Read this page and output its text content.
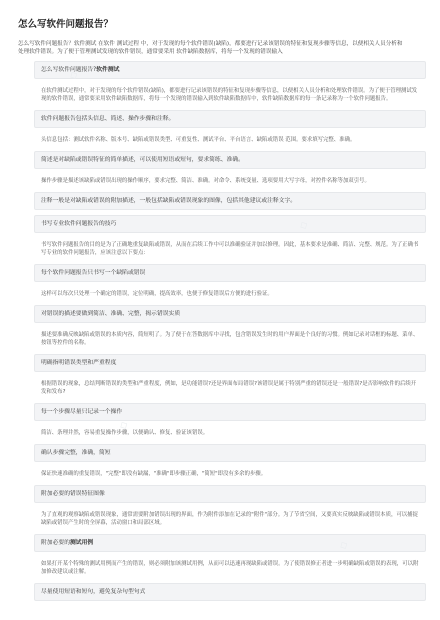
怎么写软件问题报告？
怎么写软件问题报告？软件测试 在软件 测试过程 中，对于发现的每个软件错误(缺陷)，都要进行记录该错误的特征和复现步骤等信息，以便相关人员分析和处理软件错误。为了便于管理测试发现的软件错误，通常要采用 软件缺陷数据库，将每一个发现的错误输入
怎么写软件问题报告?软件测试
在软件测试过程中，对于发现的每个软件错误(缺陷)，都要进行记录该错误的特征和复现步骤等信息，以便相关人员分析和处理软件错误。为了便于管理测试发现的软件错误，通常要采用软件缺陷数据库，将每一个发现的错误输入到软件缺陷数据库中，软件缺陷数据库的每一条记录称为一个软件问题报告。
软件问题报告包括头信息、简述、操作步骤和注释。
头信息包括：测试软件名称、版本号、缺陷或错误类型、可重复性、测试平台、平台语言、缺陷或错误 范围。要求填写完整、准确。
简述是对缺陷或错误特征的简单描述，可以使用短语或短句，要求简练、准确。
操作步骤是描述该缺陷或错误出现的操作顺序，要求完整、简洁、准确。对命令、系统变量、选项要用大写字母，对控件名称等加双引号。
注释一般是对缺陷或错误的附加描述，一般包括缺陷或错误现象的图像，包括其他建议或注释文字。
书写专业软件问题报告的技巧
书写软件问题报告的目的是为了正确地重复缺陷或错误，从而在后续工作中可以准确验证并加以修理。因此，基本要求是准确、简洁、完整、规范。为了正确书写专业的软件问题报告，应该注意以下要点：
每个软件问题报告只书写一个缺陷或错误
这样可以每次只处理一个确定的错误，定位明确，提高效率，也便于修复错误后方便的进行验证。
对错误的描述要做到简洁、准确、完整，揭示错误实质
描述要准确反映缺陷或错误的本质内容，简短明了。为了便于在答数据库中寻找，包含错误发生时的用户界面是个良好的习惯。例如记录对话框的标题、菜单、按钮等控件的名称。
明确指明错误类型和严重程度
根据错误的现象，总结判断错误的类型和严重程度，例如，是功能错误?还是界面布局错误?该错误是属于特别严重的错误还是一般错误?是否影响软件的后续开发和发布?
每一个步骤尽量只记录一个操作
简洁、条理井然，容易重复操作步骤，以便确认、修复、验证该错误。
确认步骤完整，准确，简短
保证快速准确的重复错误，"完整"即没有缺漏，"准确"即步骤正确，"简短"即没有多余的步骤。
附加必要的错误特征图像
为了直观的观察缺陷或错误现象，通常需要附加错误出现的界面，作为附件添加在记录的"附件"部分。为了节省空间，又要真实反映缺陷或错误本质，可以捕捉缺陷或错误产生时的全屏幕，活动窗口和局部区域。
附加必要的测试用例
如果打开某个特殊的测试用例而产生的错误，则必须附加该测试用例，从而可以迅速再现缺陷或错误。为了使错误修正者进一步明确缺陷或错误的表现，可以附加修改建议或注解。
尽量使用短语和短句，避免复杂句型句式
◇
◇
◇
◇
